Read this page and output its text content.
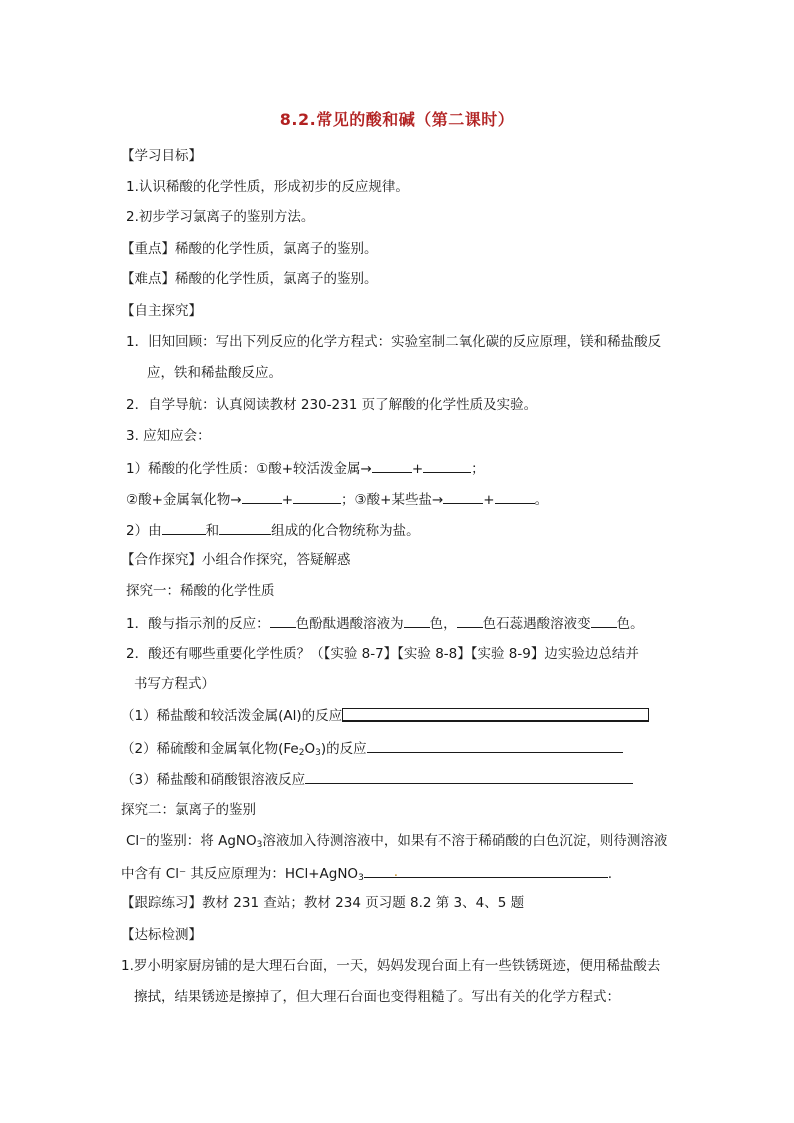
8.2.常见的酸和碱（第二课时）
【学习目标】
1.认识稀酸的化学性质，形成初步的反应规律。
2.初步学习氯离子的鉴别方法。
【重点】稀酸的化学性质，氯离子的鉴别。
【难点】稀酸的化学性质，氯离子的鉴别。
【自主探究】
1．旧知回顾：写出下列反应的化学方程式：实验室制二氧化碳的反应原理，镁和稀盐酸反
应，铁和稀盐酸反应。
2．自学导航：认真阅读教材 230-231 页了解酸的化学性质及实验。
3. 应知应会：
1）稀酸的化学性质：①酸+较活泼金属→	+	；
②酸+金属氧化物→	+	；③酸+某些盐→	+	。
2）由	和	组成的化合物统称为盐。
【合作探究】小组合作探究，答疑解惑
探究一：稀酸的化学性质
1．酸与指示剂的反应： 色酚酞遇酸溶液为 色， 色石蕊遇酸溶液变 色。
2．酸还有哪些重要化学性质？（【实验 8-7】【实验 8-8】【实验 8-9】边实验边总结并
书写方程式）
（1）稀盐酸和较活泼金属(Al)的反应
（2）稀硫酸和金属氧化物$(Fe_2O_3)$的反应
（3）稀盐酸和硝酸银溶液反应
探究二：氯离子的鉴别
Cl⁻的鉴别：将 AgNO$_3$溶液加入待测溶液中，如果有不溶于稀硝酸的白色沉淀，则待测溶液
中含有 Cl⁻ 其反应原理为：HCl+AgNO$_3$ .	.
【跟踪练习】教材 231 查站；教材 234 页习题 8.2 第 3、4、5 题
【达标检测】
1.罗小明家厨房铺的是大理石台面，一天，妈妈发现台面上有一些铁锈斑迹，便用稀盐酸去
擦拭，结果锈迹是擦掉了，但大理石台面也变得粗糙了。写出有关的化学方程式：
